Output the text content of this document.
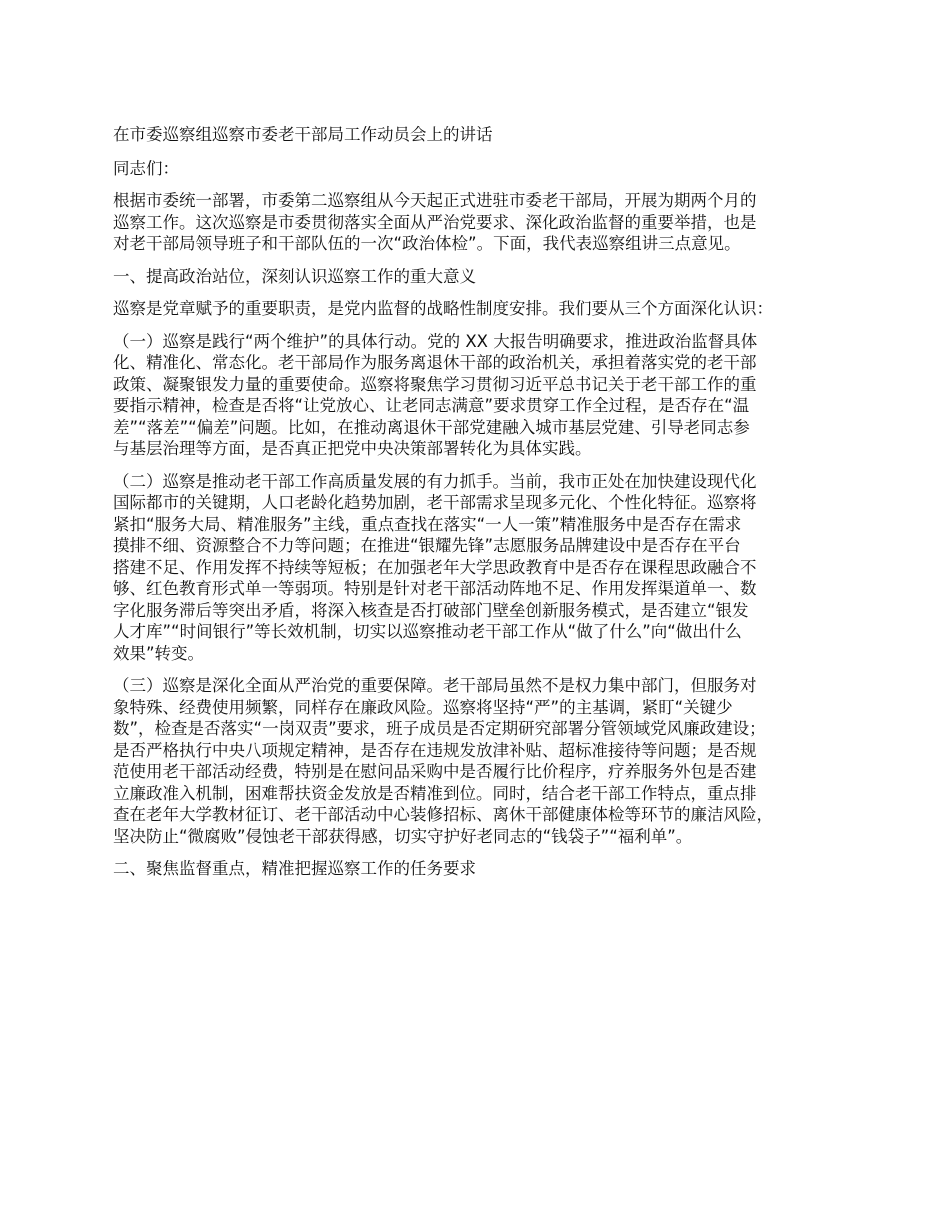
在市委巡察组巡察市委老干部局工作动员会上的讲话
同志们：
根据市委统一部署，市委第二巡察组从今天起正式进驻市委老干部局，开展为期两个月的
巡察工作。这次巡察是市委贯彻落实全面从严治党要求、深化政治监督的重要举措，也是
对老干部局领导班子和干部队伍的一次“政治体检”。下面，我代表巡察组讲三点意见。
一、提高政治站位，深刻认识巡察工作的重大意义
巡察是党章赋予的重要职责，是党内监督的战略性制度安排。我们要从三个方面深化认识：
（一）巡察是践行“两个维护”的具体行动。党的 XX 大报告明确要求，推进政治监督具体
化、精准化、常态化。老干部局作为服务离退休干部的政治机关，承担着落实党的老干部
政策、凝聚银发力量的重要使命。巡察将聚焦学习贯彻习近平总书记关于老干部工作的重
要指示精神，检查是否将“让党放心、让老同志满意”要求贯穿工作全过程，是否存在“温
差”“落差”“偏差”问题。比如，在推动离退休干部党建融入城市基层党建、引导老同志参
与基层治理等方面，是否真正把党中央决策部署转化为具体实践。
（二）巡察是推动老干部工作高质量发展的有力抓手。当前，我市正处在加快建设现代化
国际都市的关键期，人口老龄化趋势加剧，老干部需求呈现多元化、个性化特征。巡察将
紧扣“服务大局、精准服务”主线，重点查找在落实“一人一策”精准服务中是否存在需求
摸排不细、资源整合不力等问题；在推进“银耀先锋”志愿服务品牌建设中是否存在平台
搭建不足、作用发挥不持续等短板；在加强老年大学思政教育中是否存在课程思政融合不
够、红色教育形式单一等弱项。特别是针对老干部活动阵地不足、作用发挥渠道单一、数
字化服务滞后等突出矛盾，将深入核查是否打破部门壁垒创新服务模式，是否建立“银发
人才库”“时间银行”等长效机制，切实以巡察推动老干部工作从“做了什么”向“做出什么
效果”转变。
（三）巡察是深化全面从严治党的重要保障。老干部局虽然不是权力集中部门，但服务对
象特殊、经费使用频繁，同样存在廉政风险。巡察将坚持“严”的主基调，紧盯“关键少
数”，检查是否落实“一岗双责”要求，班子成员是否定期研究部署分管领域党风廉政建设；
是否严格执行中央八项规定精神，是否存在违规发放津补贴、超标准接待等问题；是否规
范使用老干部活动经费，特别是在慰问品采购中是否履行比价程序，疗养服务外包是否建
立廉政准入机制，困难帮扶资金发放是否精准到位。同时，结合老干部工作特点，重点排
查在老年大学教材征订、老干部活动中心装修招标、离休干部健康体检等环节的廉洁风险，
坚决防止“微腐败”侵蚀老干部获得感，切实守护好老同志的“钱袋子”“福利单”。
二、聚焦监督重点，精准把握巡察工作的任务要求
